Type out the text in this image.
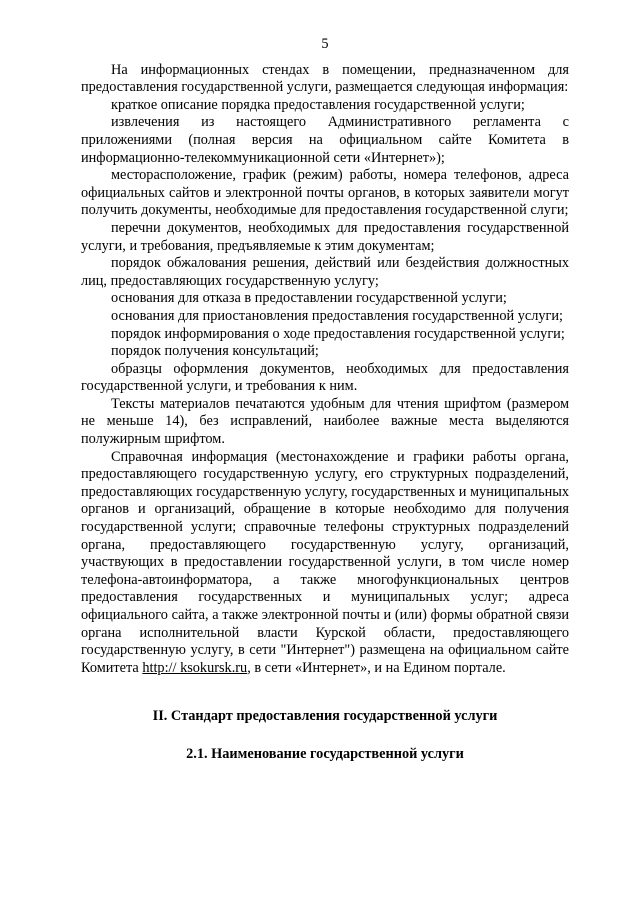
5

На информационных стендах в помещении, предназначенном для предоставления государственной услуги, размещается следующая информация:

краткое описание порядка предоставления государственной услуги;

извлечения из настоящего Административного регламента с приложениями (полная версия на официальном сайте Комитета в информационно-телекоммуникационной сети «Интернет»);

месторасположение, график (режим) работы, номера телефонов, адреса официальных сайтов и электронной почты органов, в которых заявители могут получить документы, необходимые для предоставления государственной слуги;

перечни документов, необходимых для предоставления государственной услуги, и требования, предъявляемые к этим документам;

порядок обжалования решения, действий или бездействия должностных лиц, предоставляющих государственную услугу;

основания для отказа в предоставлении государственной услуги;

основания для приостановления предоставления государственной услуги;

порядок информирования о ходе предоставления государственной услуги;

порядок получения консультаций;

образцы оформления документов, необходимых для предоставления государственной услуги, и требования к ним.

Тексты материалов печатаются удобным для чтения шрифтом (размером не меньше 14), без исправлений, наиболее важные места выделяются полужирным шрифтом.

Справочная информация (местонахождение и графики работы органа, предоставляющего государственную услугу, его структурных подразделений, предоставляющих государственную услугу, государственных и муниципальных органов и организаций, обращение в которые необходимо для получения государственной услуги; справочные телефоны структурных подразделений органа, предоставляющего государственную услугу, организаций, участвующих в предоставлении государственной услуги, в том числе номер телефона-автоинформатора, а также многофункциональных центров предоставления государственных и муниципальных услуг; адреса официального сайта, а также электронной почты и (или) формы обратной связи органа исполнительной власти Курской области, предоставляющего государственную услугу, в сети "Интернет") размещена на официальном сайте Комитета http:// ksokursk.ru, в сети «Интернет», и на Едином портале.

II. Стандарт предоставления государственной услуги

2.1. Наименование государственной услуги
